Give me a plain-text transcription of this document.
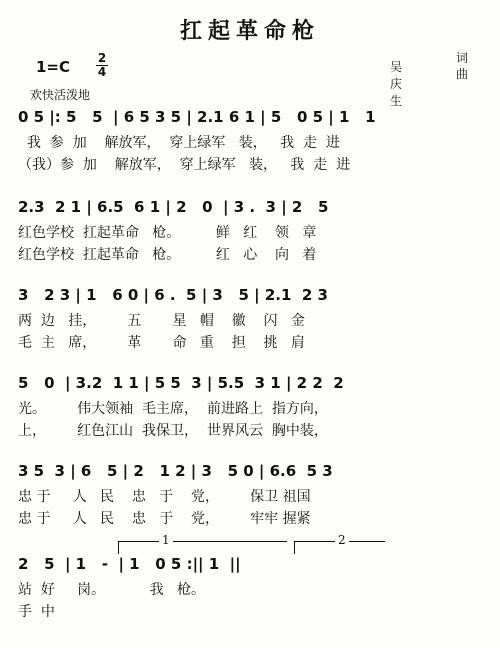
扛起革命枪
1=C 2
4	吴庆生
词
曲
欢快活泼地
0 5 |: 5   5  | 6 5 3 5 | 2.1 6 1 | 5   0 5 | 1   1
我  参  加    解放军，  穿上绿军   装，   我  走  进
（我）参  加    解放军，  穿上绿军   装，   我  走  进
2.3  2 1 | 6.5  6 1 | 2   0  | 3 .  3 | 2   5
红色学校  扛起革命   枪。        鲜   红    领   章
红色学校  扛起革命   枪。        红   心    向   着
3   2 3 | 1   6 0 | 6 .  5 | 3   5 | 2.1  2 3
两  边   挂，       五       星   帽    徽    闪   金
毛  主   席，       革       命   重    担    挑   肩
5   0  | 3.2  1 1 | 5 5  3 | 5.5  3 1 | 2 2  2
光。       伟大领袖  毛主席，  前进路上  指方向，
上，       红色江山  我保卫，  世界风云  胸中装，
3 5  3 | 6   5 | 2   1 2 | 3   5 0 | 6.6  5 3
忠 于     人   民    忠   于    党，       保卫 祖国
忠 于     人   民    忠   于    党，       牢牢 握紧
1	2
2   5  | 1   -  | 1   0 5 :|| 1  ||
站  好     岗。          我   枪。
手  中
